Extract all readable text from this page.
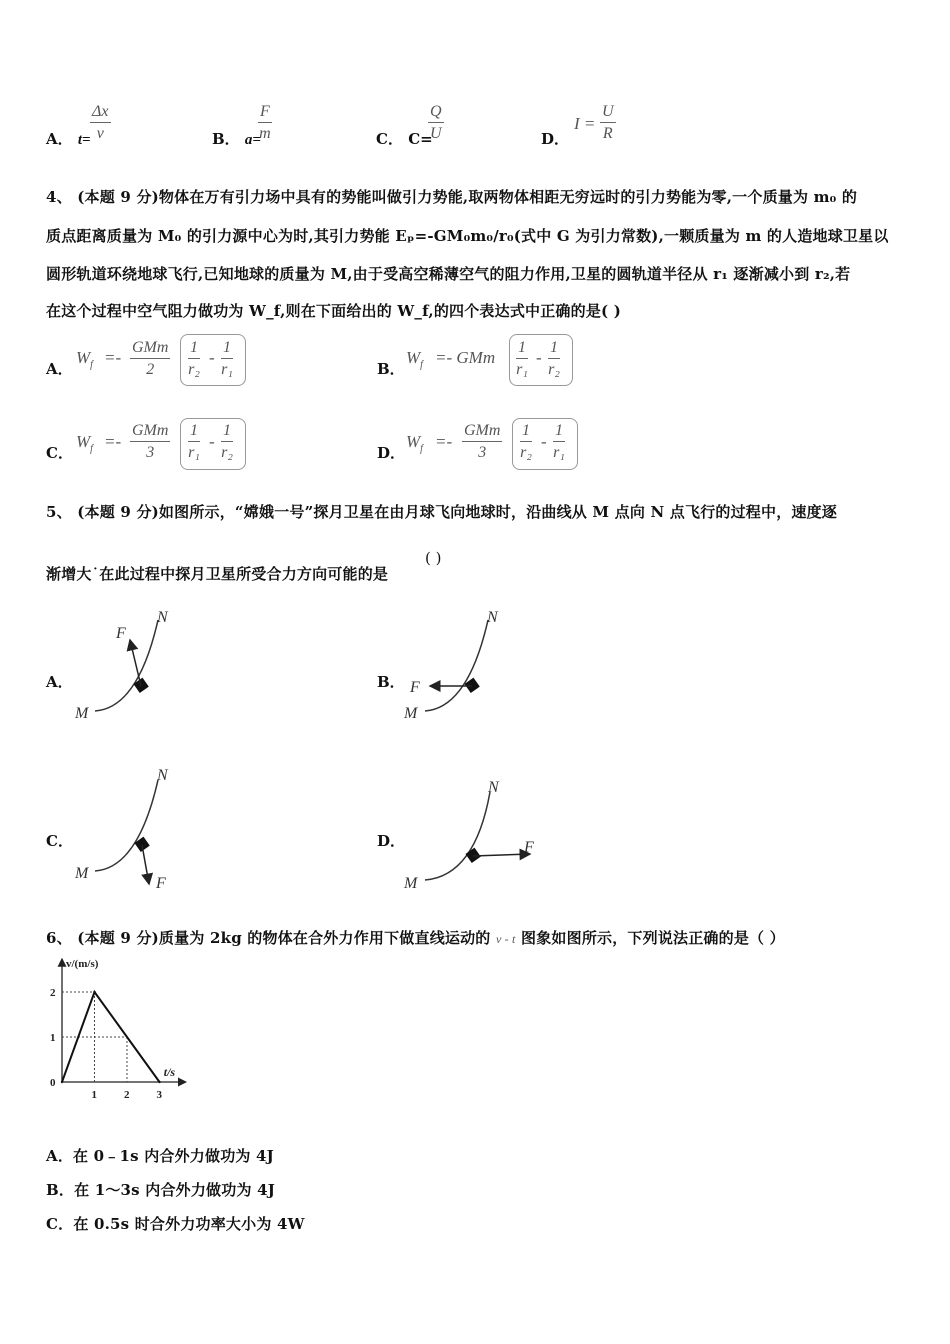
A． $t= \frac{\Delta x}{v}$	B． a=
$\frac{F}{m}$	C． C=
$\frac{Q}{U}$	D．
$I = \frac{U}{R}$
4、 (本题 9 分)物体在万有引力场中具有的势能叫做引力势能,取两物体相距无穷远时的引力势能为零,一个质量为 m₀ 的
质点距离质量为 M₀ 的引力源中心为时,其引力势能 Eₚ=-GM₀m₀/r₀(式中 G 为引力常数),一颗质量为 m 的人造地球卫星以
圆形轨道环绕地球飞行,已知地球的质量为 M,由于受高空稀薄空气的阻力作用,卫星的圆轨道半径从 r₁ 逐渐减小到 r₂,若
在这个过程中空气阻力做功为 W_f,则在下面给出的 W_f,的四个表达式中正确的是( )
A．
$W_f$ =-
GMm
2	$\frac{1}{\text{r₂}} - \frac{1}{\text{r₁}}$	B．
$W_f$ =- GMm $\frac{1}{\text{r₁}} - \frac{1}{\text{r₂}}$
C．
$W_f$ =-
GMm
3	$\frac{1}{\text{r₁}} - \frac{1}{\text{r₂}}$	D．
$W_f$ =-
GMm
3	$\frac{1}{\text{r₂}} - \frac{1}{\text{r₁}}$
5、 (本题 9 分)如图所示，“嫦娥一号”探月卫星在由月球飞向地球时，沿曲线从 M 点向 N 点飞行的过程中，速度逐
渐增大˙在此过程中探月卫星所受合力方向可能的是
( )
A．	B．
C．	D．
F
N
M
F
N
M
F
N
M
F
N
M
6、 (本题 9 分)质量为 2kg 的物体在合外力作用下做直线运动的 v - t 图象如图所示，下列说法正确的是（ ）
v/(m/s)
t/s
0
1
2
1 2 3
A．在 0﹣1s 内合外力做功为 4J
B．在 1～3s 内合外力做功为 4J
C．在 0.5s 时合外力功率大小为 4W
